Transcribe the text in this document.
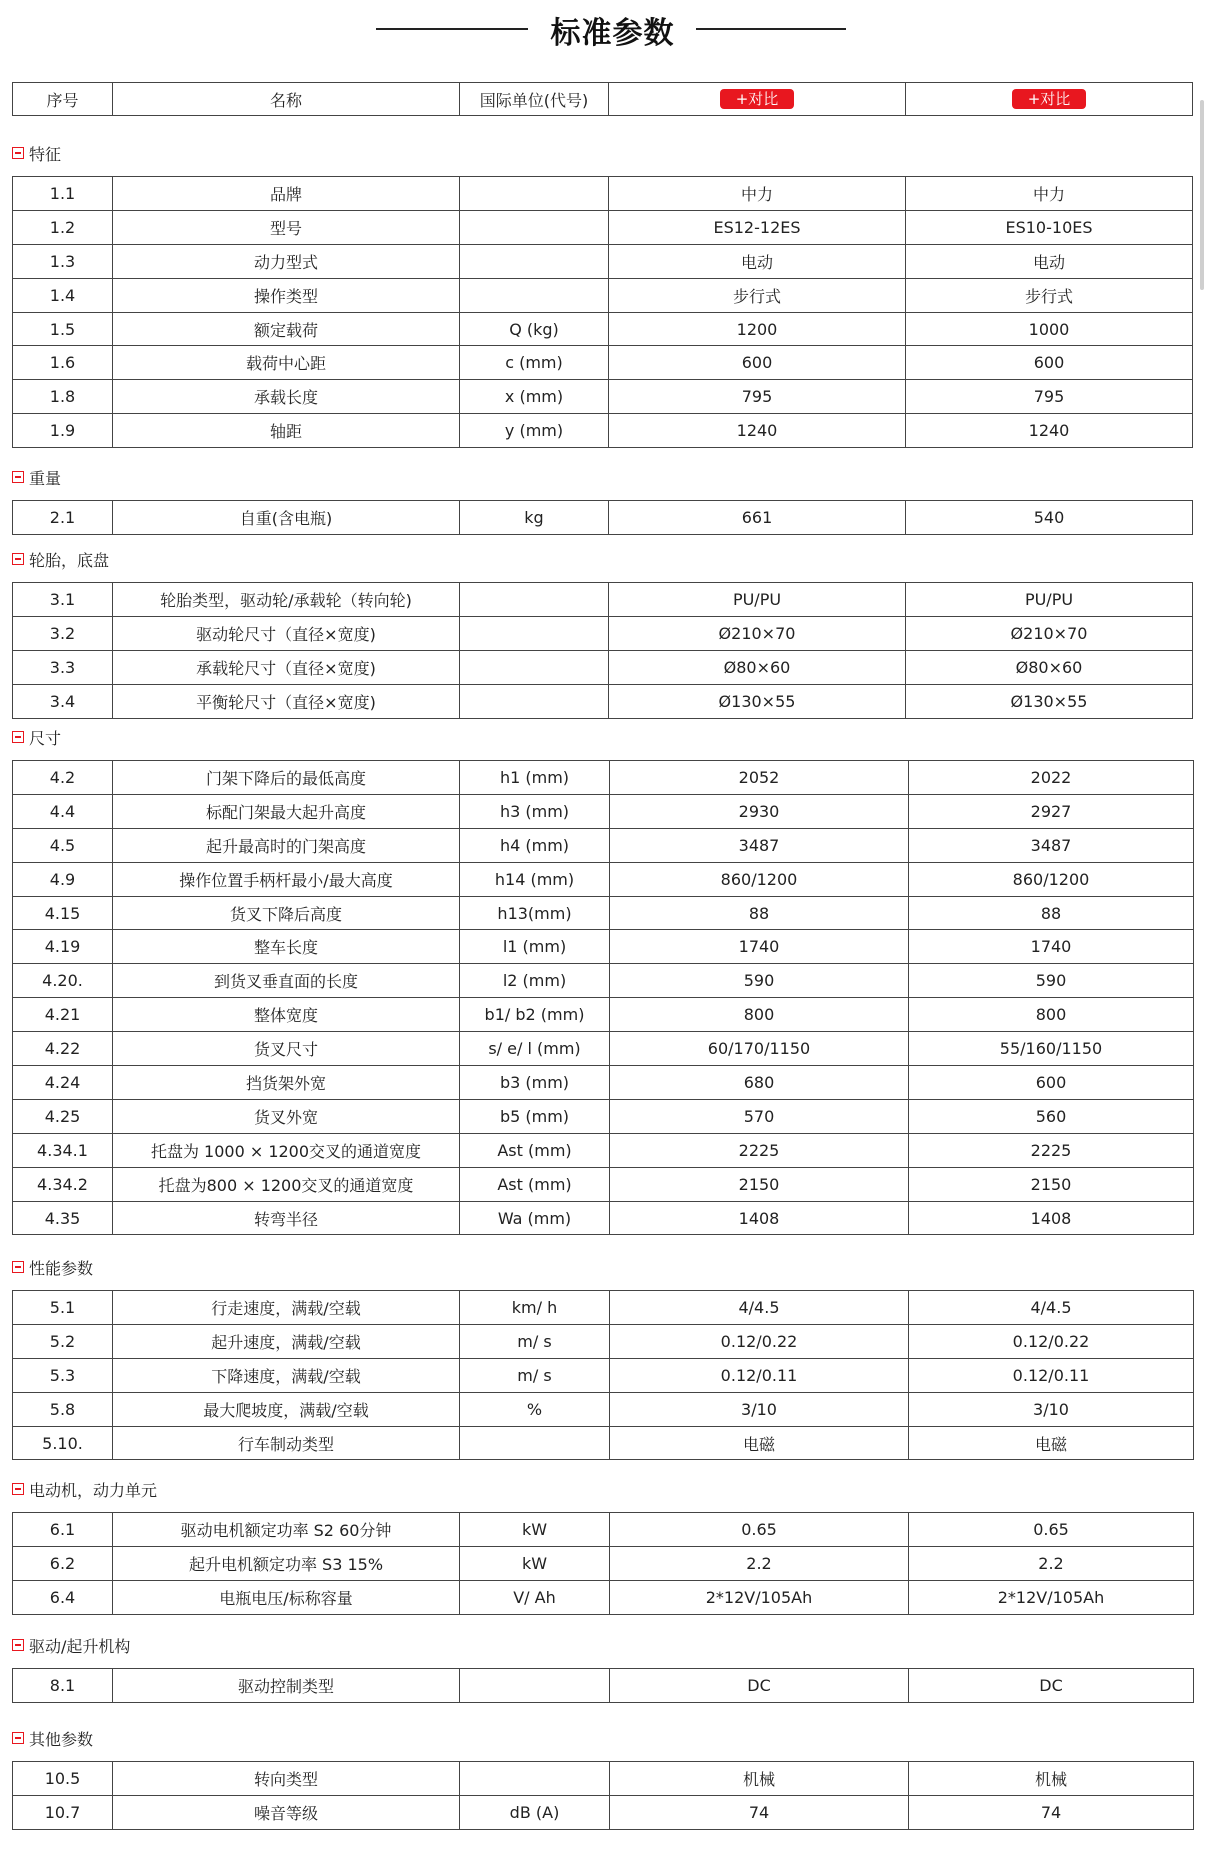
标准参数
序号	名称	国际单位(代号)	+对比	+对比
特征
1.1	品牌		中力	中力
1.2	型号		ES12-12ES	ES10-10ES
1.3	动力型式		电动	电动
1.4	操作类型		步行式	步行式
1.5	额定载荷	Q (kg)	1200	1000
1.6	载荷中心距	c (mm)	600	600
1.8	承载长度	x (mm)	795	795
1.9	轴距	y (mm)	1240	1240
重量
2.1	自重(含电瓶)	kg	661	540
轮胎，底盘
3.1	轮胎类型，驱动轮/承载轮（转向轮)		PU/PU	PU/PU
3.2	驱动轮尺寸（直径×宽度)		Ø210×70	Ø210×70
3.3	承载轮尺寸（直径×宽度)		Ø80×60	Ø80×60
3.4	平衡轮尺寸（直径×宽度)		Ø130×55	Ø130×55
尺寸
4.2	门架下降后的最低高度	h1 (mm)	2052	2022
4.4	标配门架最大起升高度	h3 (mm)	2930	2927
4.5	起升最高时的门架高度	h4 (mm)	3487	3487
4.9	操作位置手柄杆最小/最大高度	h14 (mm)	860/1200	860/1200
4.15	货叉下降后高度	h13(mm)	88	88
4.19	整车长度	l1 (mm)	1740	1740
4.20.	到货叉垂直面的长度	l2 (mm)	590	590
4.21	整体宽度	b1/ b2 (mm)	800	800
4.22	货叉尺寸	s/ e/ l (mm)	60/170/1150	55/160/1150
4.24	挡货架外宽	b3 (mm)	680	600
4.25	货叉外宽	b5 (mm)	570	560
4.34.1	托盘为 1000 × 1200交叉的通道宽度	Ast (mm)	2225	2225
4.34.2	托盘为800 × 1200交叉的通道宽度	Ast (mm)	2150	2150
4.35	转弯半径	Wa (mm)	1408	1408
性能参数
5.1	行走速度，满载/空载	km/ h	4/4.5	4/4.5
5.2	起升速度，满载/空载	m/ s	0.12/0.22	0.12/0.22
5.3	下降速度，满载/空载	m/ s	0.12/0.11	0.12/0.11
5.8	最大爬坡度，满载/空载	%	3/10	3/10
5.10.	行车制动类型		电磁	电磁
电动机，动力单元
6.1	驱动电机额定功率 S2 60分钟	kW	0.65	0.65
6.2	起升电机额定功率 S3 15%	kW	2.2	2.2
6.4	电瓶电压/标称容量	V/ Ah	2*12V/105Ah	2*12V/105Ah
驱动/起升机构
8.1	驱动控制类型		DC	DC
其他参数
10.5	转向类型		机械	机械
10.7	噪音等级	dB (A)	74	74
